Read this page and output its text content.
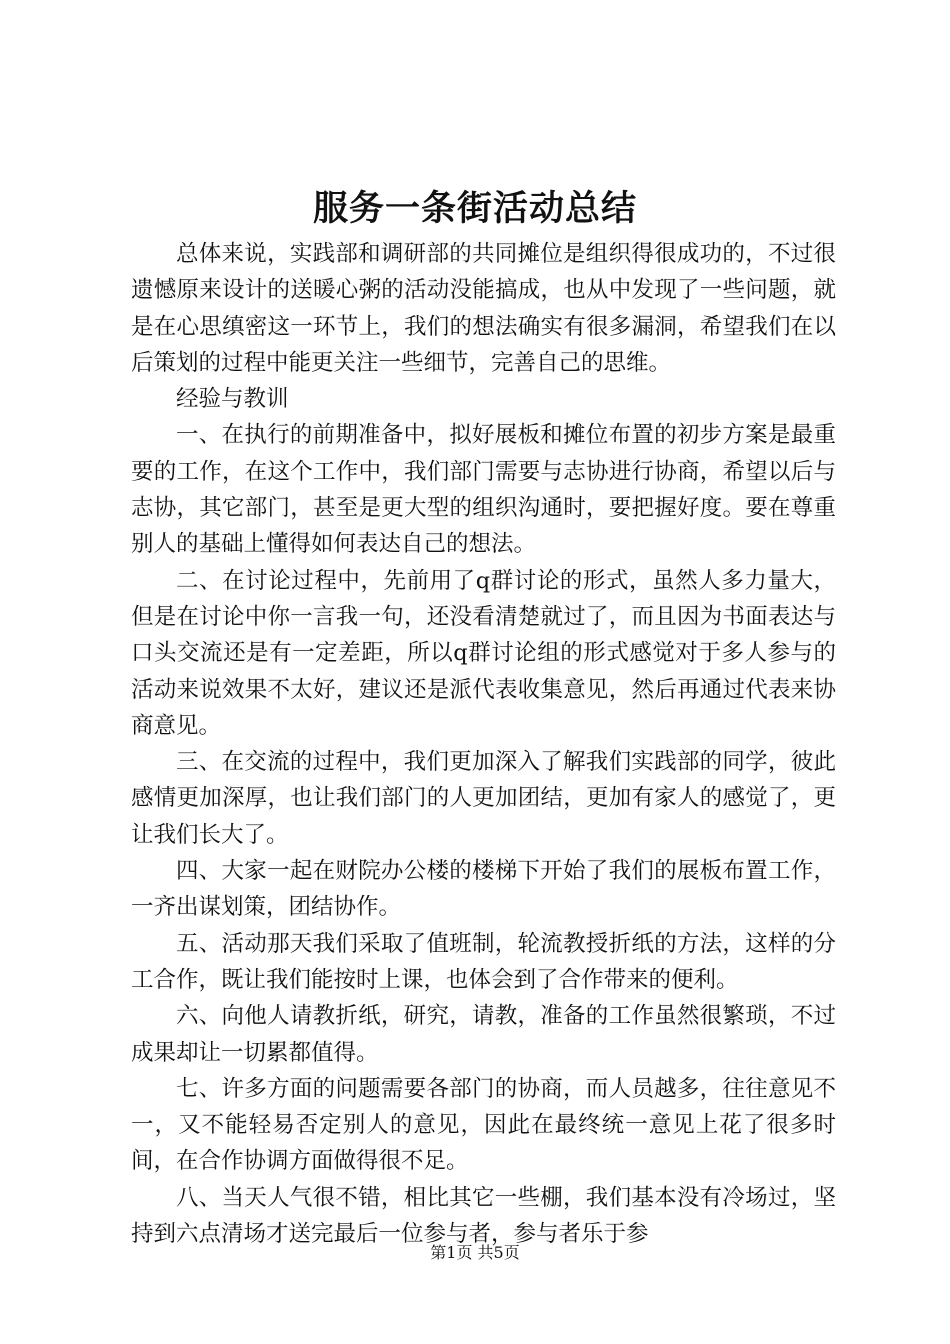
服务一条街活动总结

总体来说，实践部和调研部的共同摊位是组织得很成功的，不过很遗憾原来设计的送暖心粥的活动没能搞成，也从中发现了一些问题，就是在心思缜密这一环节上，我们的想法确实有很多漏洞，希望我们在以后策划的过程中能更关注一些细节，完善自己的思维。

经验与教训

一、在执行的前期准备中，拟好展板和摊位布置的初步方案是最重要的工作，在这个工作中，我们部门需要与志协进行协商，希望以后与志协，其它部门，甚至是更大型的组织沟通时，要把握好度。要在尊重别人的基础上懂得如何表达自己的想法。

二、在讨论过程中，先前用了q群讨论的形式，虽然人多力量大，但是在讨论中你一言我一句，还没看清楚就过了，而且因为书面表达与口头交流还是有一定差距，所以q群讨论组的形式感觉对于多人参与的活动来说效果不太好，建议还是派代表收集意见，然后再通过代表来协商意见。

三、在交流的过程中，我们更加深入了解我们实践部的同学，彼此感情更加深厚，也让我们部门的人更加团结，更加有家人的感觉了，更让我们长大了。

四、大家一起在财院办公楼的楼梯下开始了我们的展板布置工作，一齐出谋划策，团结协作。

五、活动那天我们采取了值班制，轮流教授折纸的方法，这样的分工合作，既让我们能按时上课，也体会到了合作带来的便利。

六、向他人请教折纸，研究，请教，准备的工作虽然很繁琐，不过成果却让一切累都值得。

七、许多方面的问题需要各部门的协商，而人员越多，往往意见不一，又不能轻易否定别人的意见，因此在最终统一意见上花了很多时间，在合作协调方面做得很不足。

八、当天人气很不错，相比其它一些棚，我们基本没有冷场过，坚持到六点清场才送完最后一位参与者，参与者乐于参

第1页 共5页
